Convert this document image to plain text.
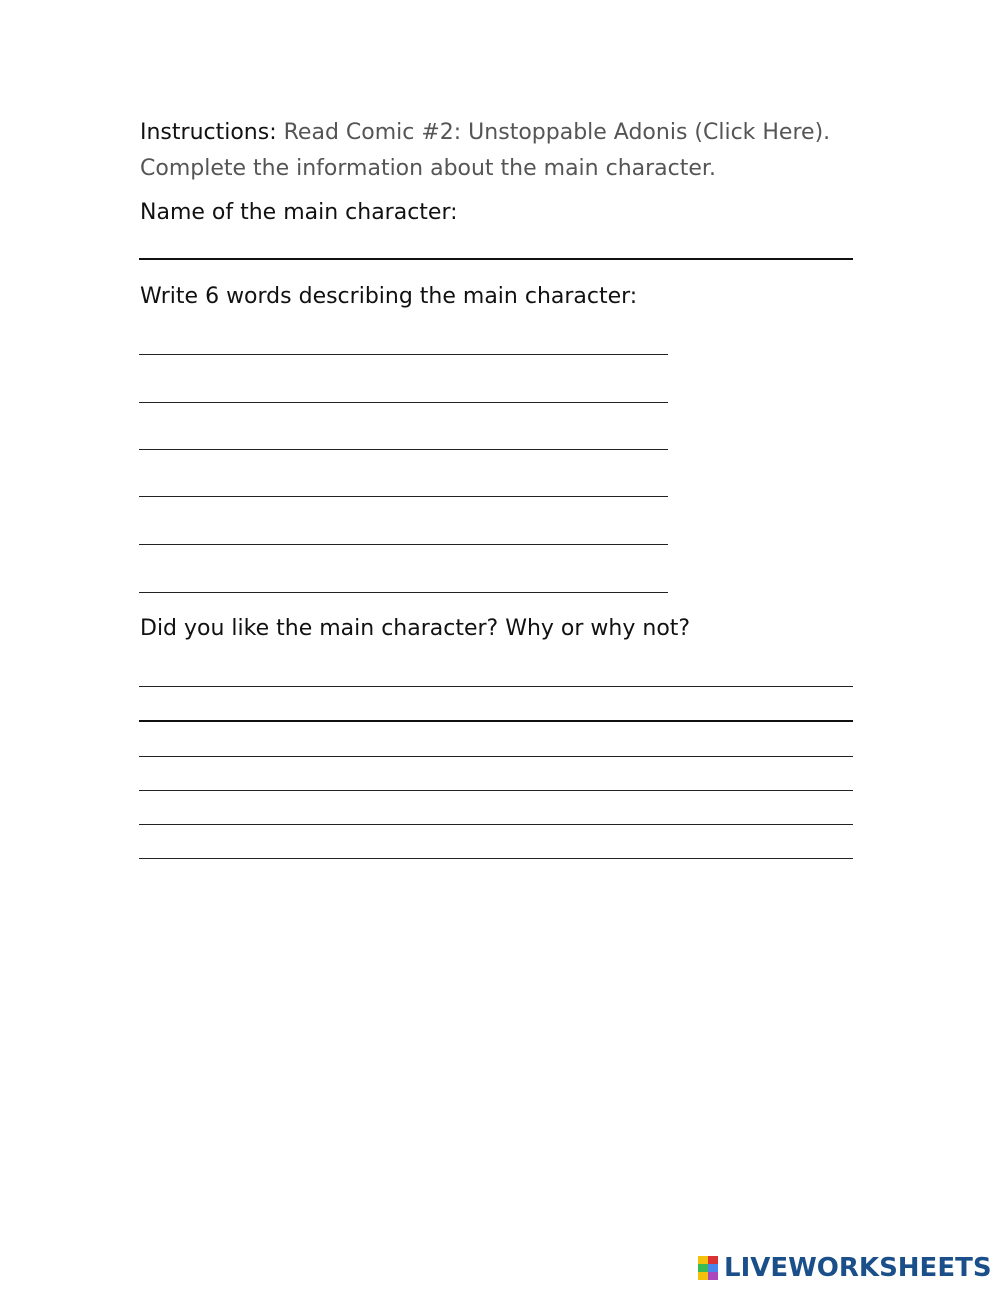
Instructions: Read Comic #2: Unstoppable Adonis (Click Here).
Complete the information about the main character.
Name of the main character:
Write 6 words describing the main character:
Did you like the main character? Why or why not?
LIVEWORKSHEETS
